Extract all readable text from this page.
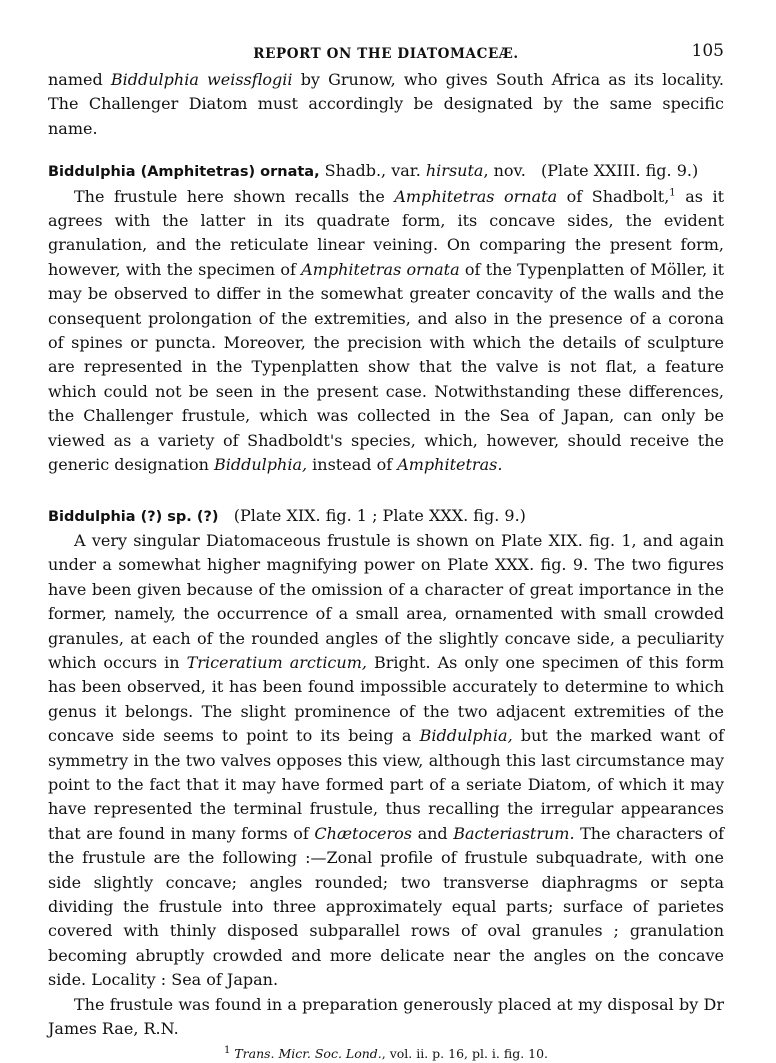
REPORT ON THE DIATOMACEÆ.	105

named Biddulphia weissflogii by Grunow, who gives South Africa as its locality. The Challenger Diatom must accordingly be designated by the same specific name.

Biddulphia (Amphitetras) ornata, Shadb., var. hirsuta, nov. (Plate XXIII. fig. 9.)

The frustule here shown recalls the Amphitetras ornata of Shadbolt,$^1$ as it agrees with the latter in its quadrate form, its concave sides, the evident granulation, and the reticulate linear veining. On comparing the present form, however, with the specimen of Amphitetras ornata of the Typenplatten of Möller, it may be observed to differ in the somewhat greater concavity of the walls and the consequent prolongation of the extremities, and also in the presence of a corona of spines or puncta. Moreover, the precision with which the details of sculpture are represented in the Typenplatten show that the valve is not flat, a feature which could not be seen in the present case. Notwithstanding these differences, the Challenger frustule, which was collected in the Sea of Japan, can only be viewed as a variety of Shadboldt's species, which, however, should receive the generic designation Biddulphia, instead of Amphitetras.

Biddulphia (?) sp. (?) (Plate XIX. fig. 1 ; Plate XXX. fig. 9.)

A very singular Diatomaceous frustule is shown on Plate XIX. fig. 1, and again under a somewhat higher magnifying power on Plate XXX. fig. 9. The two figures have been given because of the omission of a character of great importance in the former, namely, the occurrence of a small area, ornamented with small crowded granules, at each of the rounded angles of the slightly concave side, a peculiarity which occurs in Triceratium arcticum, Bright. As only one specimen of this form has been observed, it has been found impossible accurately to determine to which genus it belongs. The slight prominence of the two adjacent extremities of the concave side seems to point to its being a Biddulphia, but the marked want of symmetry in the two valves opposes this view, although this last circumstance may point to the fact that it may have formed part of a seriate Diatom, of which it may have represented the terminal frustule, thus recalling the irregular appearances that are found in many forms of Chætoceros and Bacteriastrum. The characters of the frustule are the following :—Zonal profile of frustule subquadrate, with one side slightly concave; angles rounded; two transverse diaphragms or septa dividing the frustule into three approximately equal parts; surface of parietes covered with thinly disposed subparallel rows of oval granules ; granulation becoming abruptly crowded and more delicate near the angles on the concave side. Locality : Sea of Japan.

The frustule was found in a preparation generously placed at my disposal by Dr James Rae, R.N.

$^1$ Trans. Micr. Soc. Lond., vol. ii. p. 16, pl. i. fig. 10.
